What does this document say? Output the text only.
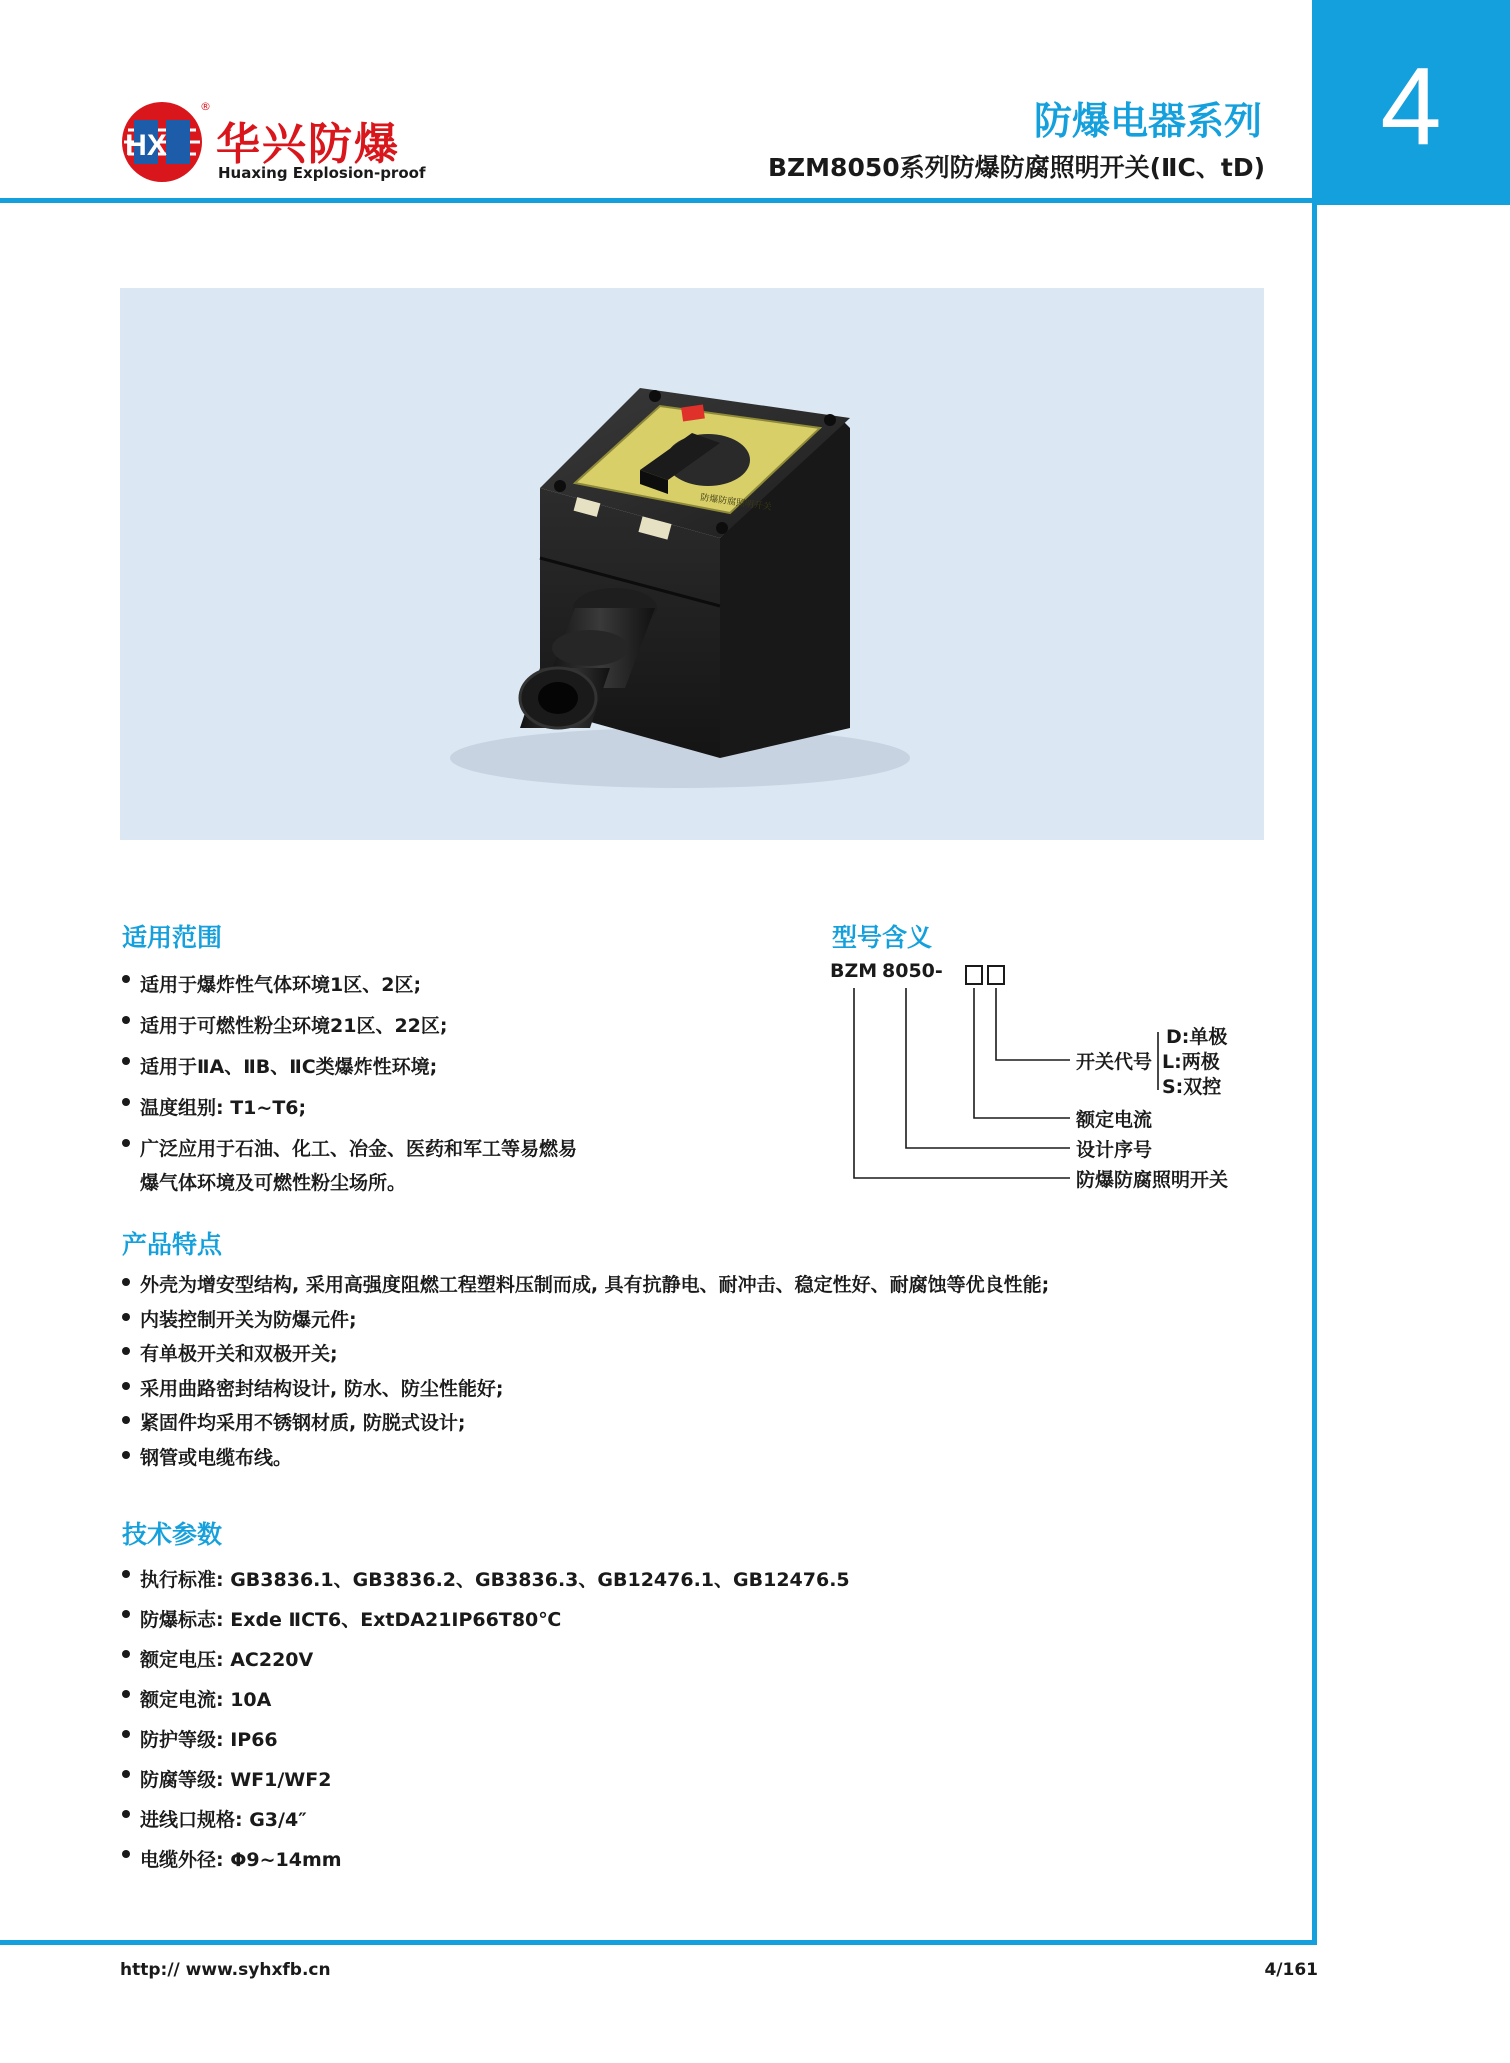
HX
®
华兴防爆
Huaxing Explosion-proof
防爆电器系列
BZM8050系列防爆防腐照明开关(ⅡC、tD)	4
防爆防腐照明开关
适用范围
适用于爆炸性气体环境1区、2区;
适用于可燃性粉尘环境21区、22区;
适用于ⅡA、ⅡB、ⅡC类爆炸性环境;
温度组别: T1~T6;
广泛应用于石油、化工、冶金、医药和军工等易燃易
爆气体环境及可燃性粉尘场所。
型号含义
BZM 8050-
开关代号
D:单极
L:两极
S:双控
额定电流
设计序号
防爆防腐照明开关
产品特点
外壳为增安型结构, 采用高强度阻燃工程塑料压制而成, 具有抗静电、耐冲击、稳定性好、耐腐蚀等优良性能;
内装控制开关为防爆元件;
有单极开关和双极开关;
采用曲路密封结构设计, 防水、防尘性能好;
紧固件均采用不锈钢材质, 防脱式设计;
钢管或电缆布线。
技术参数
执行标准: GB3836.1、GB3836.2、GB3836.3、GB12476.1、GB12476.5
防爆标志: Exde ⅡCT6、ExtDA21IP66T80℃
额定电压: AC220V
额定电流: 10A
防护等级: IP66
防腐等级: WF1/WF2
进线口规格: G3/4″
电缆外径: Φ9~14mm
http:// www.syhxfb.cn	4/161
